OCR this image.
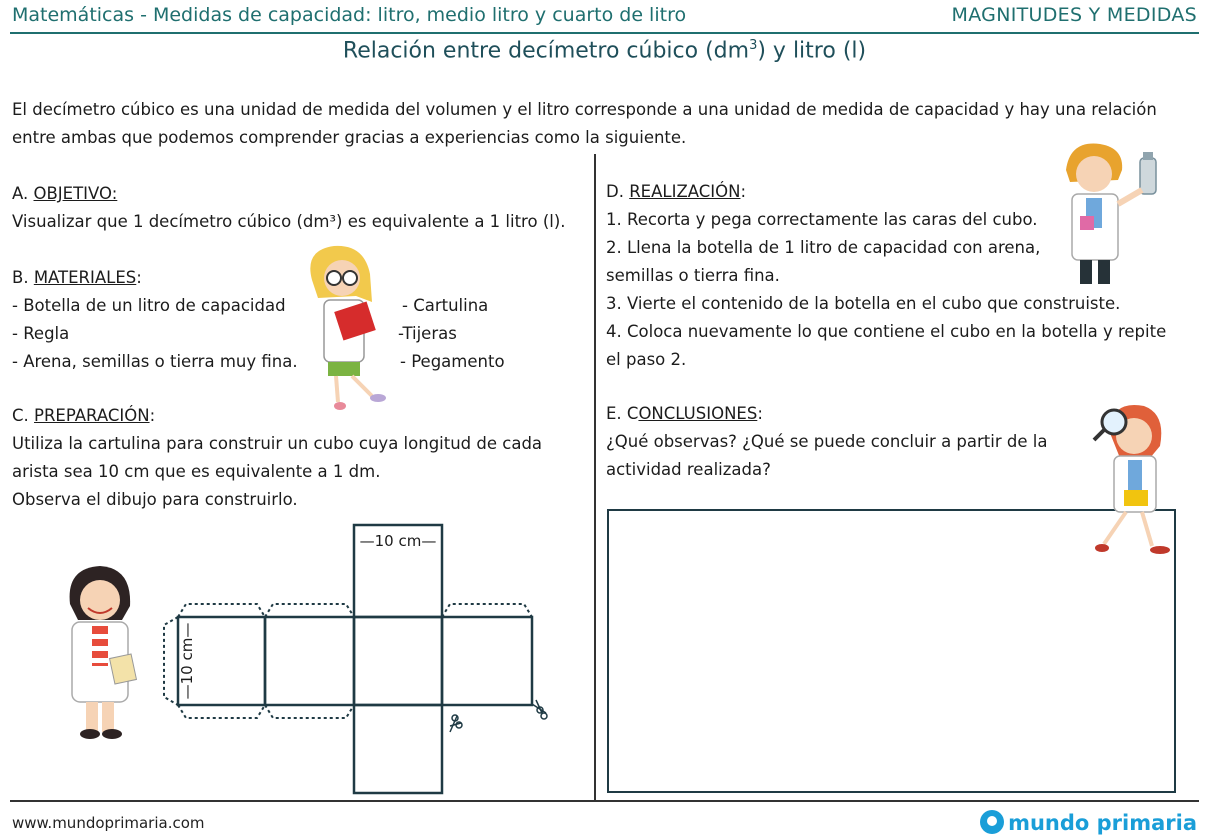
Matemáticas - Medidas de capacidad: litro, medio litro y cuarto de litro	MAGNITUDES Y MEDIDAS
Relación entre decímetro cúbico $(dm^3)$ y litro (l)
El decímetro cúbico es una unidad de medida del volumen y el litro corresponde a una unidad de medida de capacidad y hay una relación entre ambas que podemos comprender gracias a experiencias como la siguiente.
A. OBJETIVO:
Visualizar que 1 decímetro cúbico (dm³) es equivalente a 1 litro (l).
B. MATERIALES:
- Botella de un litro de capacidad
- Regla
- Arena, semillas o tierra muy fina.
- Cartulina
-Tijeras
- Pegamento
C. PREPARACIÓN:
Utiliza la cartulina para construir un cubo cuya longitud de cada
arista sea 10 cm que es equivalente a 1 dm.
Observa el dibujo para construirlo.
D. REALIZACIÓN:
1. Recorta y pega correctamente las caras del cubo.
2. Llena la botella de 1 litro de capacidad con arena,
semillas o tierra fina.
3. Vierte el contenido de la botella en el cubo que construiste.
4. Coloca nuevamente lo que contiene el cubo en la botella y repite
el paso 2.
E. CONCLUSIONES:
¿Qué observas? ¿Qué se puede concluir a partir de la
actividad realizada?
—10 cm—
—10 cm—
www.mundoprimaria.com	mundo primaria
